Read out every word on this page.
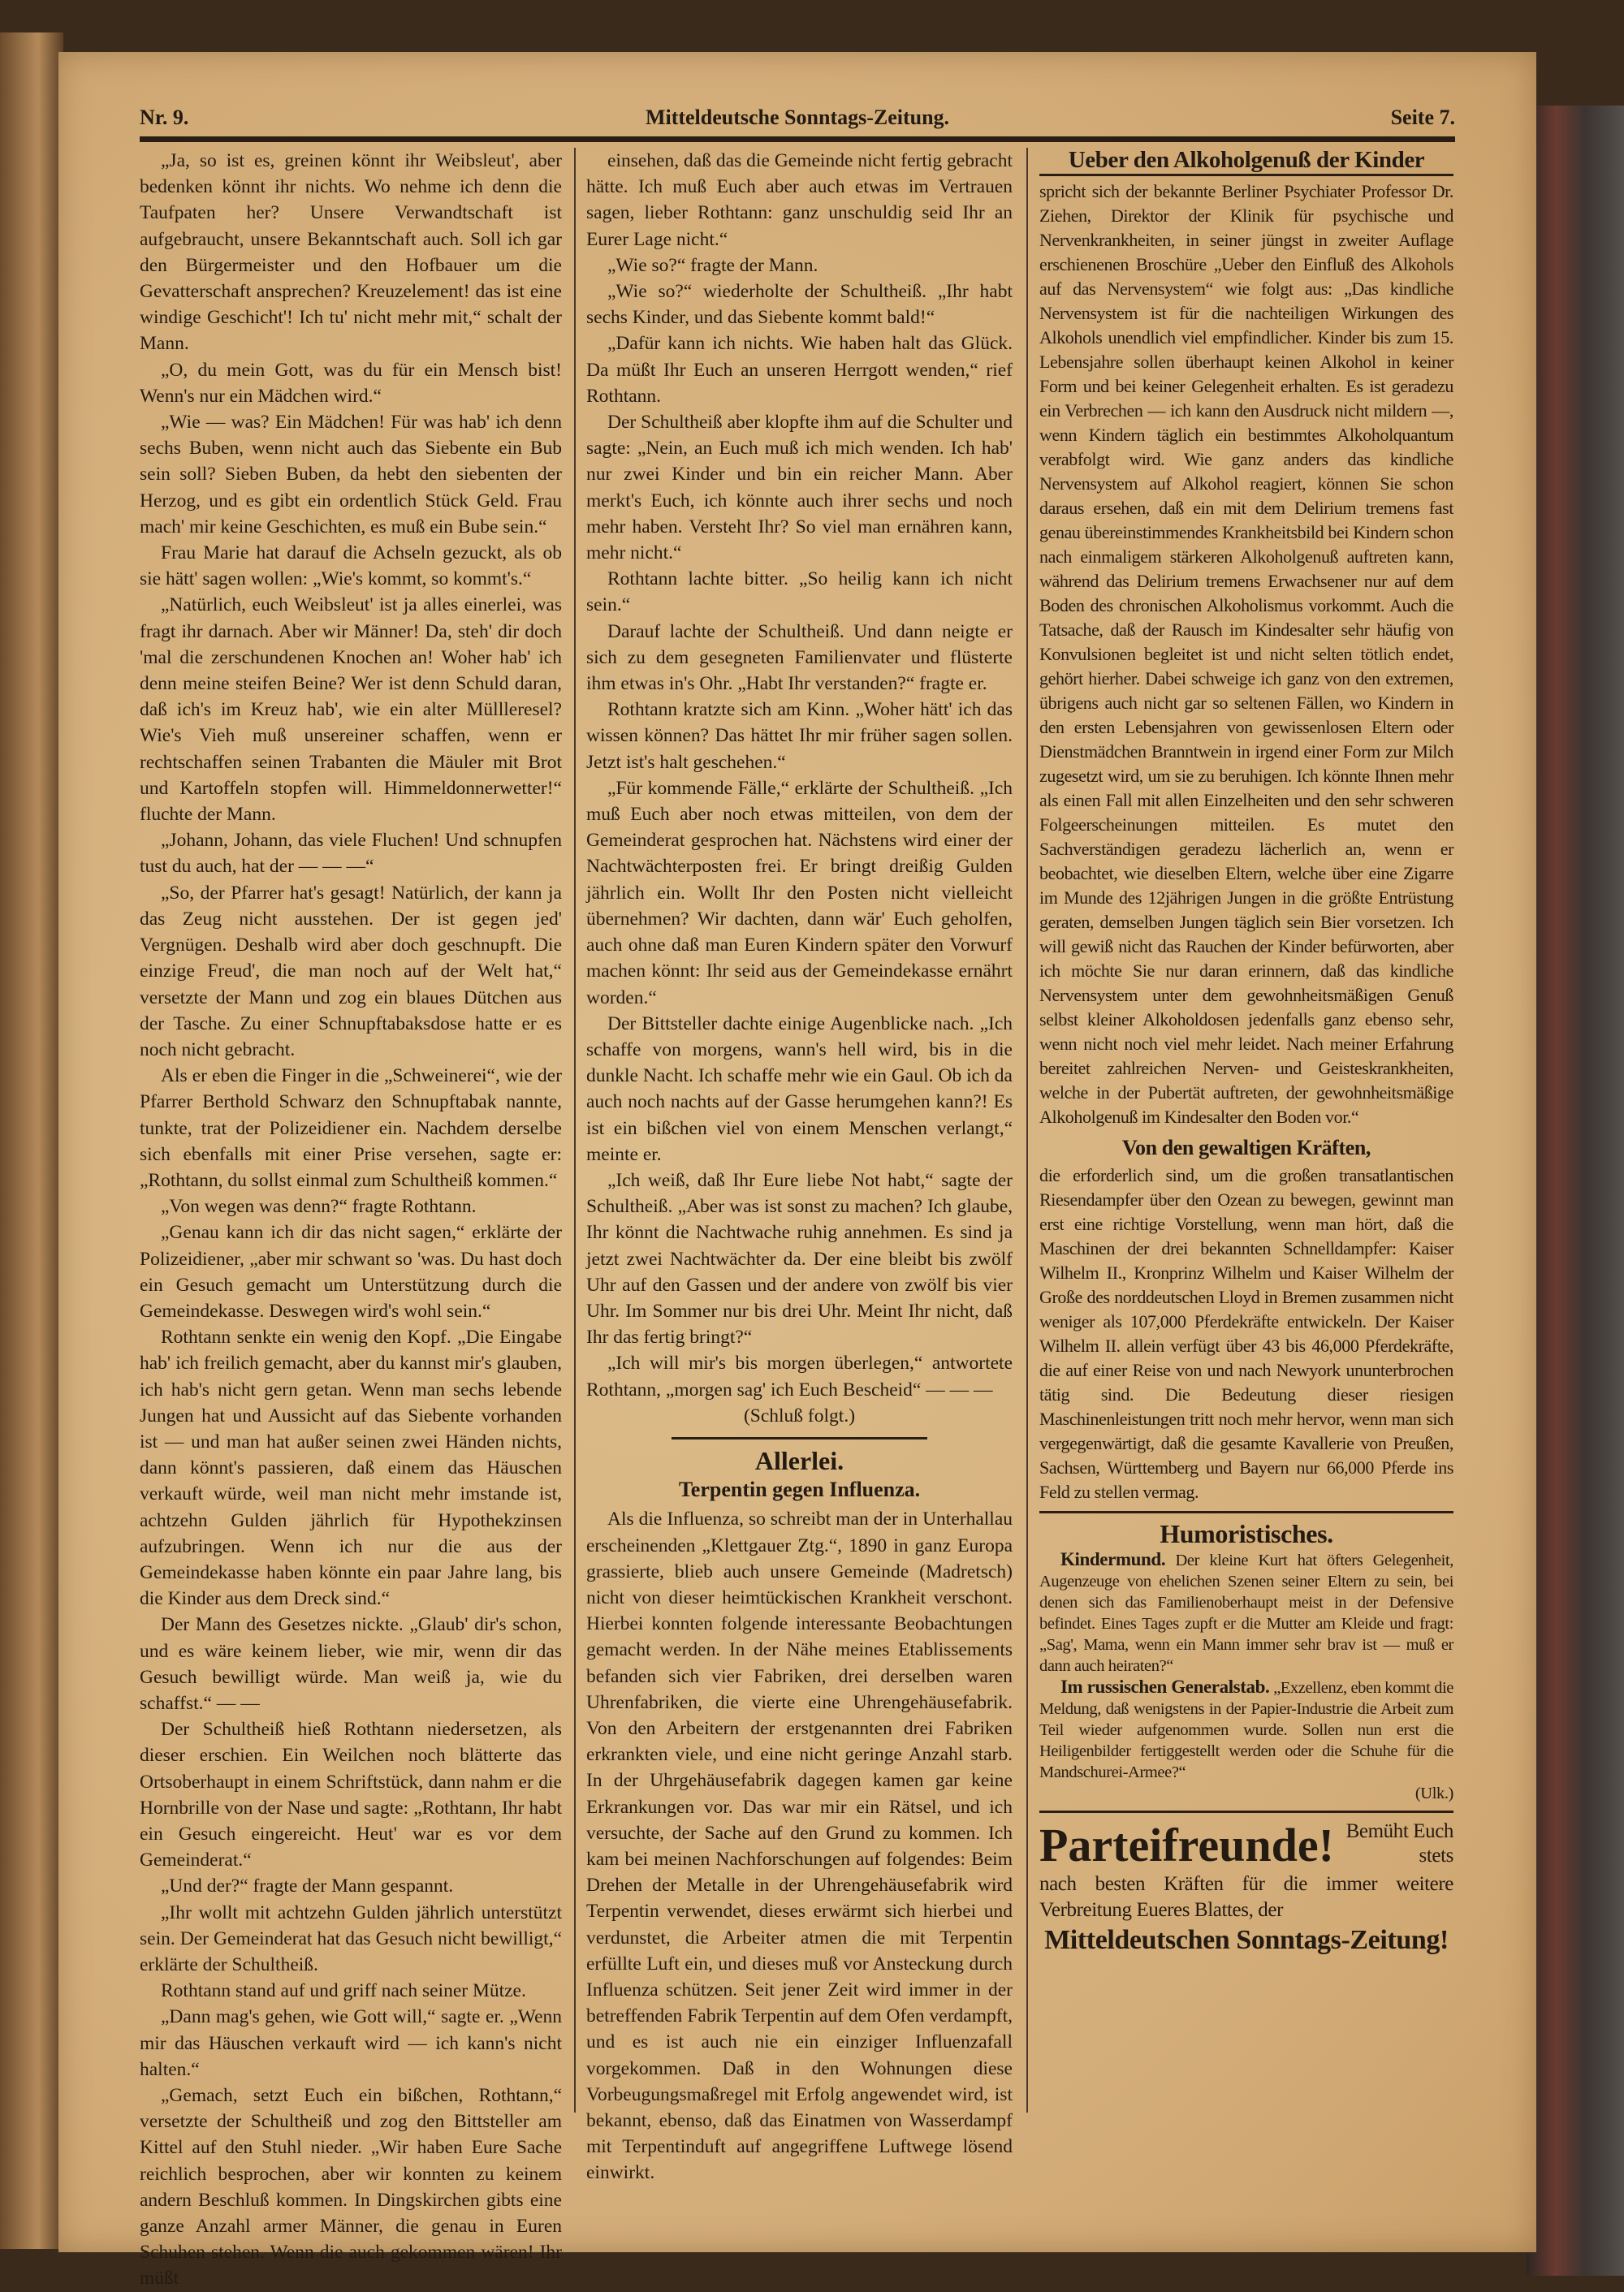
Nr. 9.	Mitteldeutsche Sonntags-Zeitung.	Seite 7.

„Ja, so ist es, greinen könnt ihr Weibsleut', aber bedenken könnt ihr nichts. Wo nehme ich denn die Taufpaten her? Unsere Verwandtschaft ist aufgebraucht, unsere Bekanntschaft auch. Soll ich gar den Bürgermeister und den Hofbauer um die Gevatterschaft ansprechen? Kreuzelement! das ist eine windige Geschicht'! Ich tu' nicht mehr mit,“ schalt der Mann.

„O, du mein Gott, was du für ein Mensch bist! Wenn's nur ein Mädchen wird.“

„Wie — was? Ein Mädchen! Für was hab' ich denn sechs Buben, wenn nicht auch das Siebente ein Bub sein soll? Sieben Buben, da hebt den siebenten der Herzog, und es gibt ein ordentlich Stück Geld. Frau mach' mir keine Geschichten, es muß ein Bube sein.“

Frau Marie hat darauf die Achseln gezuckt, als ob sie hätt' sagen wollen: „Wie's kommt, so kommt's.“

„Natürlich, euch Weibsleut' ist ja alles einerlei, was fragt ihr darnach. Aber wir Männer! Da, steh' dir doch 'mal die zerschundenen Knochen an! Woher hab' ich denn meine steifen Beine? Wer ist denn Schuld daran, daß ich's im Kreuz hab', wie ein alter Müllleresel? Wie's Vieh muß unsereiner schaffen, wenn er rechtschaffen seinen Trabanten die Mäuler mit Brot und Kartoffeln stopfen will. Himmeldonnerwetter!“ fluchte der Mann.

„Johann, Johann, das viele Fluchen! Und schnupfen tust du auch, hat der — — —“

„So, der Pfarrer hat's gesagt! Natürlich, der kann ja das Zeug nicht ausstehen. Der ist gegen jed' Vergnügen. Deshalb wird aber doch geschnupft. Die einzige Freud', die man noch auf der Welt hat,“ versetzte der Mann und zog ein blaues Dütchen aus der Tasche. Zu einer Schnupftabaksdose hatte er es noch nicht gebracht.

Als er eben die Finger in die „Schweinerei“, wie der Pfarrer Berthold Schwarz den Schnupftabak nannte, tunkte, trat der Polizeidiener ein. Nachdem derselbe sich ebenfalls mit einer Prise versehen, sagte er: „Rothtann, du sollst einmal zum Schultheiß kommen.“

„Von wegen was denn?“ fragte Rothtann.

„Genau kann ich dir das nicht sagen,“ erklärte der Polizeidiener, „aber mir schwant so 'was. Du hast doch ein Gesuch gemacht um Unterstützung durch die Gemeindekasse. Deswegen wird's wohl sein.“

Rothtann senkte ein wenig den Kopf. „Die Eingabe hab' ich freilich gemacht, aber du kannst mir's glauben, ich hab's nicht gern getan. Wenn man sechs lebende Jungen hat und Aussicht auf das Siebente vorhanden ist — und man hat außer seinen zwei Händen nichts, dann könnt's passieren, daß einem das Häuschen verkauft würde, weil man nicht mehr imstande ist, achtzehn Gulden jährlich für Hypothekzinsen aufzubringen. Wenn ich nur die aus der Gemeindekasse haben könnte ein paar Jahre lang, bis die Kinder aus dem Dreck sind.“

Der Mann des Gesetzes nickte. „Glaub' dir's schon, und es wäre keinem lieber, wie mir, wenn dir das Gesuch bewilligt würde. Man weiß ja, wie du schaffst.“ — —

Der Schultheiß hieß Rothtann niedersetzen, als dieser erschien. Ein Weilchen noch blätterte das Ortsoberhaupt in einem Schriftstück, dann nahm er die Hornbrille von der Nase und sagte: „Rothtann, Ihr habt ein Gesuch eingereicht. Heut' war es vor dem Gemeinderat.“

„Und der?“ fragte der Mann gespannt.

„Ihr wollt mit achtzehn Gulden jährlich unterstützt sein. Der Gemeinderat hat das Gesuch nicht bewilligt,“ erklärte der Schultheiß.

Rothtann stand auf und griff nach seiner Mütze.

„Dann mag's gehen, wie Gott will,“ sagte er. „Wenn mir das Häuschen verkauft wird — ich kann's nicht halten.“

„Gemach, setzt Euch ein bißchen, Rothtann,“ versetzte der Schultheiß und zog den Bittsteller am Kittel auf den Stuhl nieder. „Wir haben Eure Sache reichlich besprochen, aber wir konnten zu keinem andern Beschluß kommen. In Dingskirchen gibts eine ganze Anzahl armer Männer, die genau in Euren Schuhen stehen. Wenn die auch gekommen wären! Ihr müßt

einsehen, daß das die Gemeinde nicht fertig gebracht hätte. Ich muß Euch aber auch etwas im Vertrauen sagen, lieber Rothtann: ganz unschuldig seid Ihr an Eurer Lage nicht.“

„Wie so?“ fragte der Mann.

„Wie so?“ wiederholte der Schultheiß. „Ihr habt sechs Kinder, und das Siebente kommt bald!“

„Dafür kann ich nichts. Wie haben halt das Glück. Da müßt Ihr Euch an unseren Herrgott wenden,“ rief Rothtann.

Der Schultheiß aber klopfte ihm auf die Schulter und sagte: „Nein, an Euch muß ich mich wenden. Ich hab' nur zwei Kinder und bin ein reicher Mann. Aber merkt's Euch, ich könnte auch ihrer sechs und noch mehr haben. Versteht Ihr? So viel man ernähren kann, mehr nicht.“

Rothtann lachte bitter. „So heilig kann ich nicht sein.“

Darauf lachte der Schultheiß. Und dann neigte er sich zu dem gesegneten Familienvater und flüsterte ihm etwas in's Ohr. „Habt Ihr verstanden?“ fragte er.

Rothtann kratzte sich am Kinn. „Woher hätt' ich das wissen können? Das hättet Ihr mir früher sagen sollen. Jetzt ist's halt geschehen.“

„Für kommende Fälle,“ erklärte der Schultheiß. „Ich muß Euch aber noch etwas mitteilen, von dem der Gemeinderat gesprochen hat. Nächstens wird einer der Nachtwächterposten frei. Er bringt dreißig Gulden jährlich ein. Wollt Ihr den Posten nicht vielleicht übernehmen? Wir dachten, dann wär' Euch geholfen, auch ohne daß man Euren Kindern später den Vorwurf machen könnt: Ihr seid aus der Gemeindekasse ernährt worden.“

Der Bittsteller dachte einige Augenblicke nach. „Ich schaffe von morgens, wann's hell wird, bis in die dunkle Nacht. Ich schaffe mehr wie ein Gaul. Ob ich da auch noch nachts auf der Gasse herumgehen kann?! Es ist ein bißchen viel von einem Menschen verlangt,“ meinte er.

„Ich weiß, daß Ihr Eure liebe Not habt,“ sagte der Schultheiß. „Aber was ist sonst zu machen? Ich glaube, Ihr könnt die Nachtwache ruhig annehmen. Es sind ja jetzt zwei Nachtwächter da. Der eine bleibt bis zwölf Uhr auf den Gassen und der andere von zwölf bis vier Uhr. Im Sommer nur bis drei Uhr. Meint Ihr nicht, daß Ihr das fertig bringt?“

„Ich will mir's bis morgen überlegen,“ antwortete Rothtann, „morgen sag' ich Euch Bescheid“ — — —

(Schluß folgt.)

Allerlei.
Terpentin gegen Influenza.

Als die Influenza, so schreibt man der in Unterhallau erscheinenden „Klettgauer Ztg.“, 1890 in ganz Europa grassierte, blieb auch unsere Gemeinde (Madretsch) nicht von dieser heimtückischen Krankheit verschont. Hierbei konnten folgende interessante Beobachtungen gemacht werden. In der Nähe meines Etablissements befanden sich vier Fabriken, drei derselben waren Uhrenfabriken, die vierte eine Uhrengehäusefabrik. Von den Arbeitern der erstgenannten drei Fabriken erkrankten viele, und eine nicht geringe Anzahl starb. In der Uhrgehäusefabrik dagegen kamen gar keine Erkrankungen vor. Das war mir ein Rätsel, und ich versuchte, der Sache auf den Grund zu kommen. Ich kam bei meinen Nachforschungen auf folgendes: Beim Drehen der Metalle in der Uhrengehäusefabrik wird Terpentin verwendet, dieses erwärmt sich hierbei und verdunstet, die Arbeiter atmen die mit Terpentin erfüllte Luft ein, und dieses muß vor Ansteckung durch Influenza schützen. Seit jener Zeit wird immer in der betreffenden Fabrik Terpentin auf dem Ofen verdampft, und es ist auch nie ein einziger Influenzafall vorgekommen. Daß in den Wohnungen diese Vorbeugungsmaßregel mit Erfolg angewendet wird, ist bekannt, ebenso, daß das Einatmen von Wasserdampf mit Terpentinduft auf angegriffene Luftwege lösend einwirkt.

Ueber den Alkoholgenuß der Kinder

spricht sich der bekannte Berliner Psychiater Professor Dr. Ziehen, Direktor der Klinik für psychische und Nervenkrankheiten, in seiner jüngst in zweiter Auflage erschienenen Broschüre „Ueber den Einfluß des Alkohols auf das Nervensystem“ wie folgt aus: „Das kindliche Nervensystem ist für die nachteiligen Wirkungen des Alkohols unendlich viel empfindlicher. Kinder bis zum 15. Lebensjahre sollen überhaupt keinen Alkohol in keiner Form und bei keiner Gelegenheit erhalten. Es ist geradezu ein Verbrechen — ich kann den Ausdruck nicht mildern —, wenn Kindern täglich ein bestimmtes Alkoholquantum verabfolgt wird. Wie ganz anders das kindliche Nervensystem auf Alkohol reagiert, können Sie schon daraus ersehen, daß ein mit dem Delirium tremens fast genau übereinstimmendes Krankheitsbild bei Kindern schon nach einmaligem stärkeren Alkoholgenuß auftreten kann, während das Delirium tremens Erwachsener nur auf dem Boden des chronischen Alkoholismus vorkommt. Auch die Tatsache, daß der Rausch im Kindesalter sehr häufig von Konvulsionen begleitet ist und nicht selten tötlich endet, gehört hierher. Dabei schweige ich ganz von den extremen, übrigens auch nicht gar so seltenen Fällen, wo Kindern in den ersten Lebensjahren von gewissenlosen Eltern oder Dienstmädchen Branntwein in irgend einer Form zur Milch zugesetzt wird, um sie zu beruhigen. Ich könnte Ihnen mehr als einen Fall mit allen Einzelheiten und den sehr schweren Folgeerscheinungen mitteilen. Es mutet den Sachverständigen geradezu lächerlich an, wenn er beobachtet, wie dieselben Eltern, welche über eine Zigarre im Munde des 12jährigen Jungen in die größte Entrüstung geraten, demselben Jungen täglich sein Bier vorsetzen. Ich will gewiß nicht das Rauchen der Kinder befürworten, aber ich möchte Sie nur daran erinnern, daß das kindliche Nervensystem unter dem gewohnheitsmäßigen Genuß selbst kleiner Alkoholdosen jedenfalls ganz ebenso sehr, wenn nicht noch viel mehr leidet. Nach meiner Erfahrung bereitet zahlreichen Nerven- und Geisteskrankheiten, welche in der Pubertät auftreten, der gewohnheitsmäßige Alkoholgenuß im Kindesalter den Boden vor.“

Von den gewaltigen Kräften,

die erforderlich sind, um die großen transatlantischen Riesendampfer über den Ozean zu bewegen, gewinnt man erst eine richtige Vorstellung, wenn man hört, daß die Maschinen der drei bekannten Schnelldampfer: Kaiser Wilhelm II., Kronprinz Wilhelm und Kaiser Wilhelm der Große des norddeutschen Lloyd in Bremen zusammen nicht weniger als 107,000 Pferdekräfte entwickeln. Der Kaiser Wilhelm II. allein verfügt über 43 bis 46,000 Pferdekräfte, die auf einer Reise von und nach Newyork ununterbrochen tätig sind. Die Bedeutung dieser riesigen Maschinenleistungen tritt noch mehr hervor, wenn man sich vergegenwärtigt, daß die gesamte Kavallerie von Preußen, Sachsen, Württemberg und Bayern nur 66,000 Pferde ins Feld zu stellen vermag.

Humoristisches.

Kindermund. Der kleine Kurt hat öfters Gelegenheit, Augenzeuge von ehelichen Szenen seiner Eltern zu sein, bei denen sich das Familienoberhaupt meist in der Defensive befindet. Eines Tages zupft er die Mutter am Kleide und fragt: „Sag', Mama, wenn ein Mann immer sehr brav ist — muß er dann auch heiraten?“

Im russischen Generalstab. „Exzellenz, eben kommt die Meldung, daß wenigstens in der Papier-Industrie die Arbeit zum Teil wieder aufgenommen wurde. Sollen nun erst die Heiligenbilder fertiggestellt werden oder die Schuhe für die Mandschurei-Armee?“

(Ulk.)

Parteifreunde! Bemüht Euch stets
nach besten Kräften für die immer weitere Verbreitung Eueres Blattes, der
Mitteldeutschen Sonntags-Zeitung!
